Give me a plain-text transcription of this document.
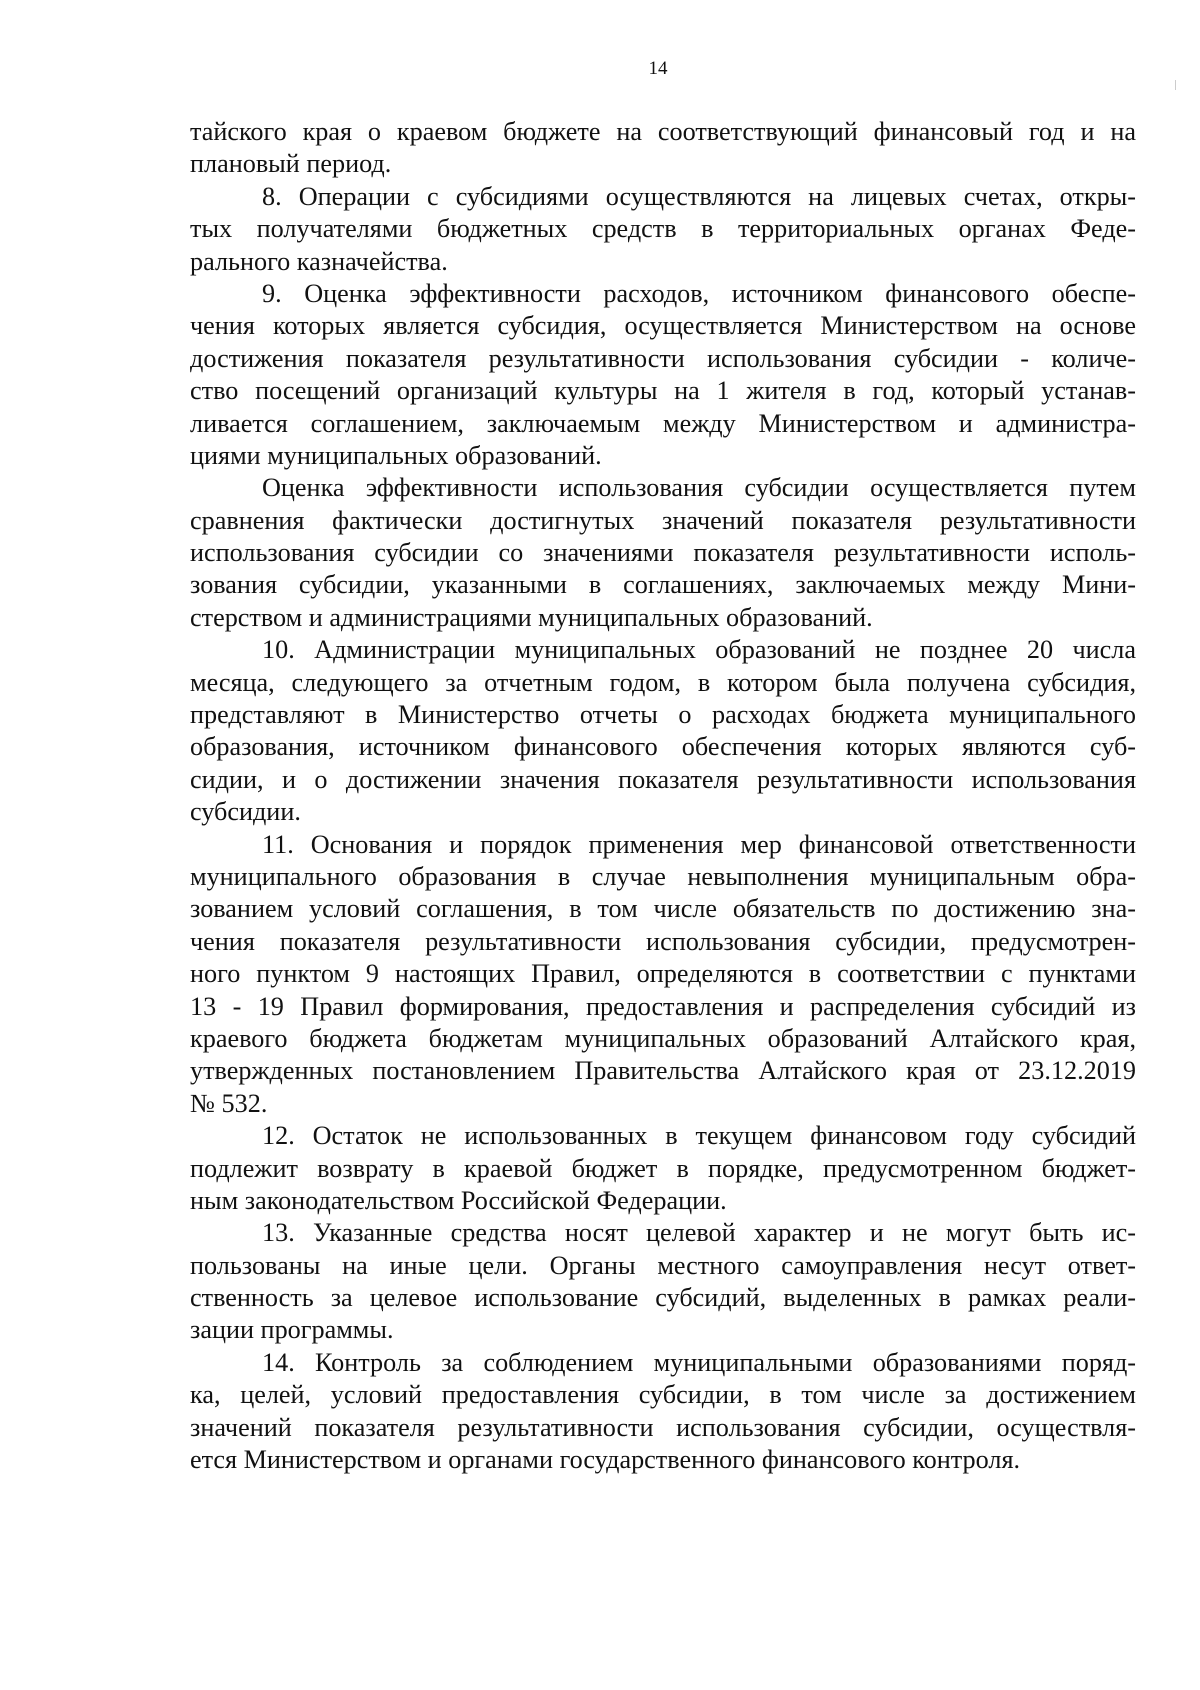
14
тайского края о краевом бюджете на соответствующий финансовый год и на
плановый период.
8. Операции с субсидиями осуществляются на лицевых счетах, откры-
тых получателями бюджетных средств в территориальных органах Феде-
рального казначейства.
9. Оценка эффективности расходов, источником финансового обеспе-
чения которых является субсидия, осуществляется Министерством на основе
достижения показателя результативности использования субсидии - количе-
ство посещений организаций культуры на 1 жителя в год, который устанав-
ливается соглашением, заключаемым между Министерством и администра-
циями муниципальных образований.
Оценка эффективности использования субсидии осуществляется путем
сравнения фактически достигнутых значений показателя результативности
использования субсидии со значениями показателя результативности исполь-
зования субсидии, указанными в соглашениях, заключаемых между Мини-
стерством и администрациями муниципальных образований.
10. Администрации муниципальных образований не позднее 20 числа
месяца, следующего за отчетным годом, в котором была получена субсидия,
представляют в Министерство отчеты о расходах бюджета муниципального
образования, источником финансового обеспечения которых являются суб-
сидии, и о достижении значения показателя результативности использования
субсидии.
11. Основания и порядок применения мер финансовой ответственности
муниципального образования в случае невыполнения муниципальным обра-
зованием условий соглашения, в том числе обязательств по достижению зна-
чения показателя результативности использования субсидии, предусмотрен-
ного пунктом 9 настоящих Правил, определяются в соответствии с пунктами
13 - 19 Правил формирования, предоставления и распределения субсидий из
краевого бюджета бюджетам муниципальных образований Алтайского края,
утвержденных постановлением Правительства Алтайского края от 23.12.2019
№ 532.
12. Остаток не использованных в текущем финансовом году субсидий
подлежит возврату в краевой бюджет в порядке, предусмотренном бюджет-
ным законодательством Российской Федерации.
13. Указанные средства носят целевой характер и не могут быть ис-
пользованы на иные цели. Органы местного самоуправления несут ответ-
ственность за целевое использование субсидий, выделенных в рамках реали-
зации программы.
14. Контроль за соблюдением муниципальными образованиями поряд-
ка, целей, условий предоставления субсидии, в том числе за достижением
значений показателя результативности использования субсидии, осуществля-
ется Министерством и органами государственного финансового контроля.
